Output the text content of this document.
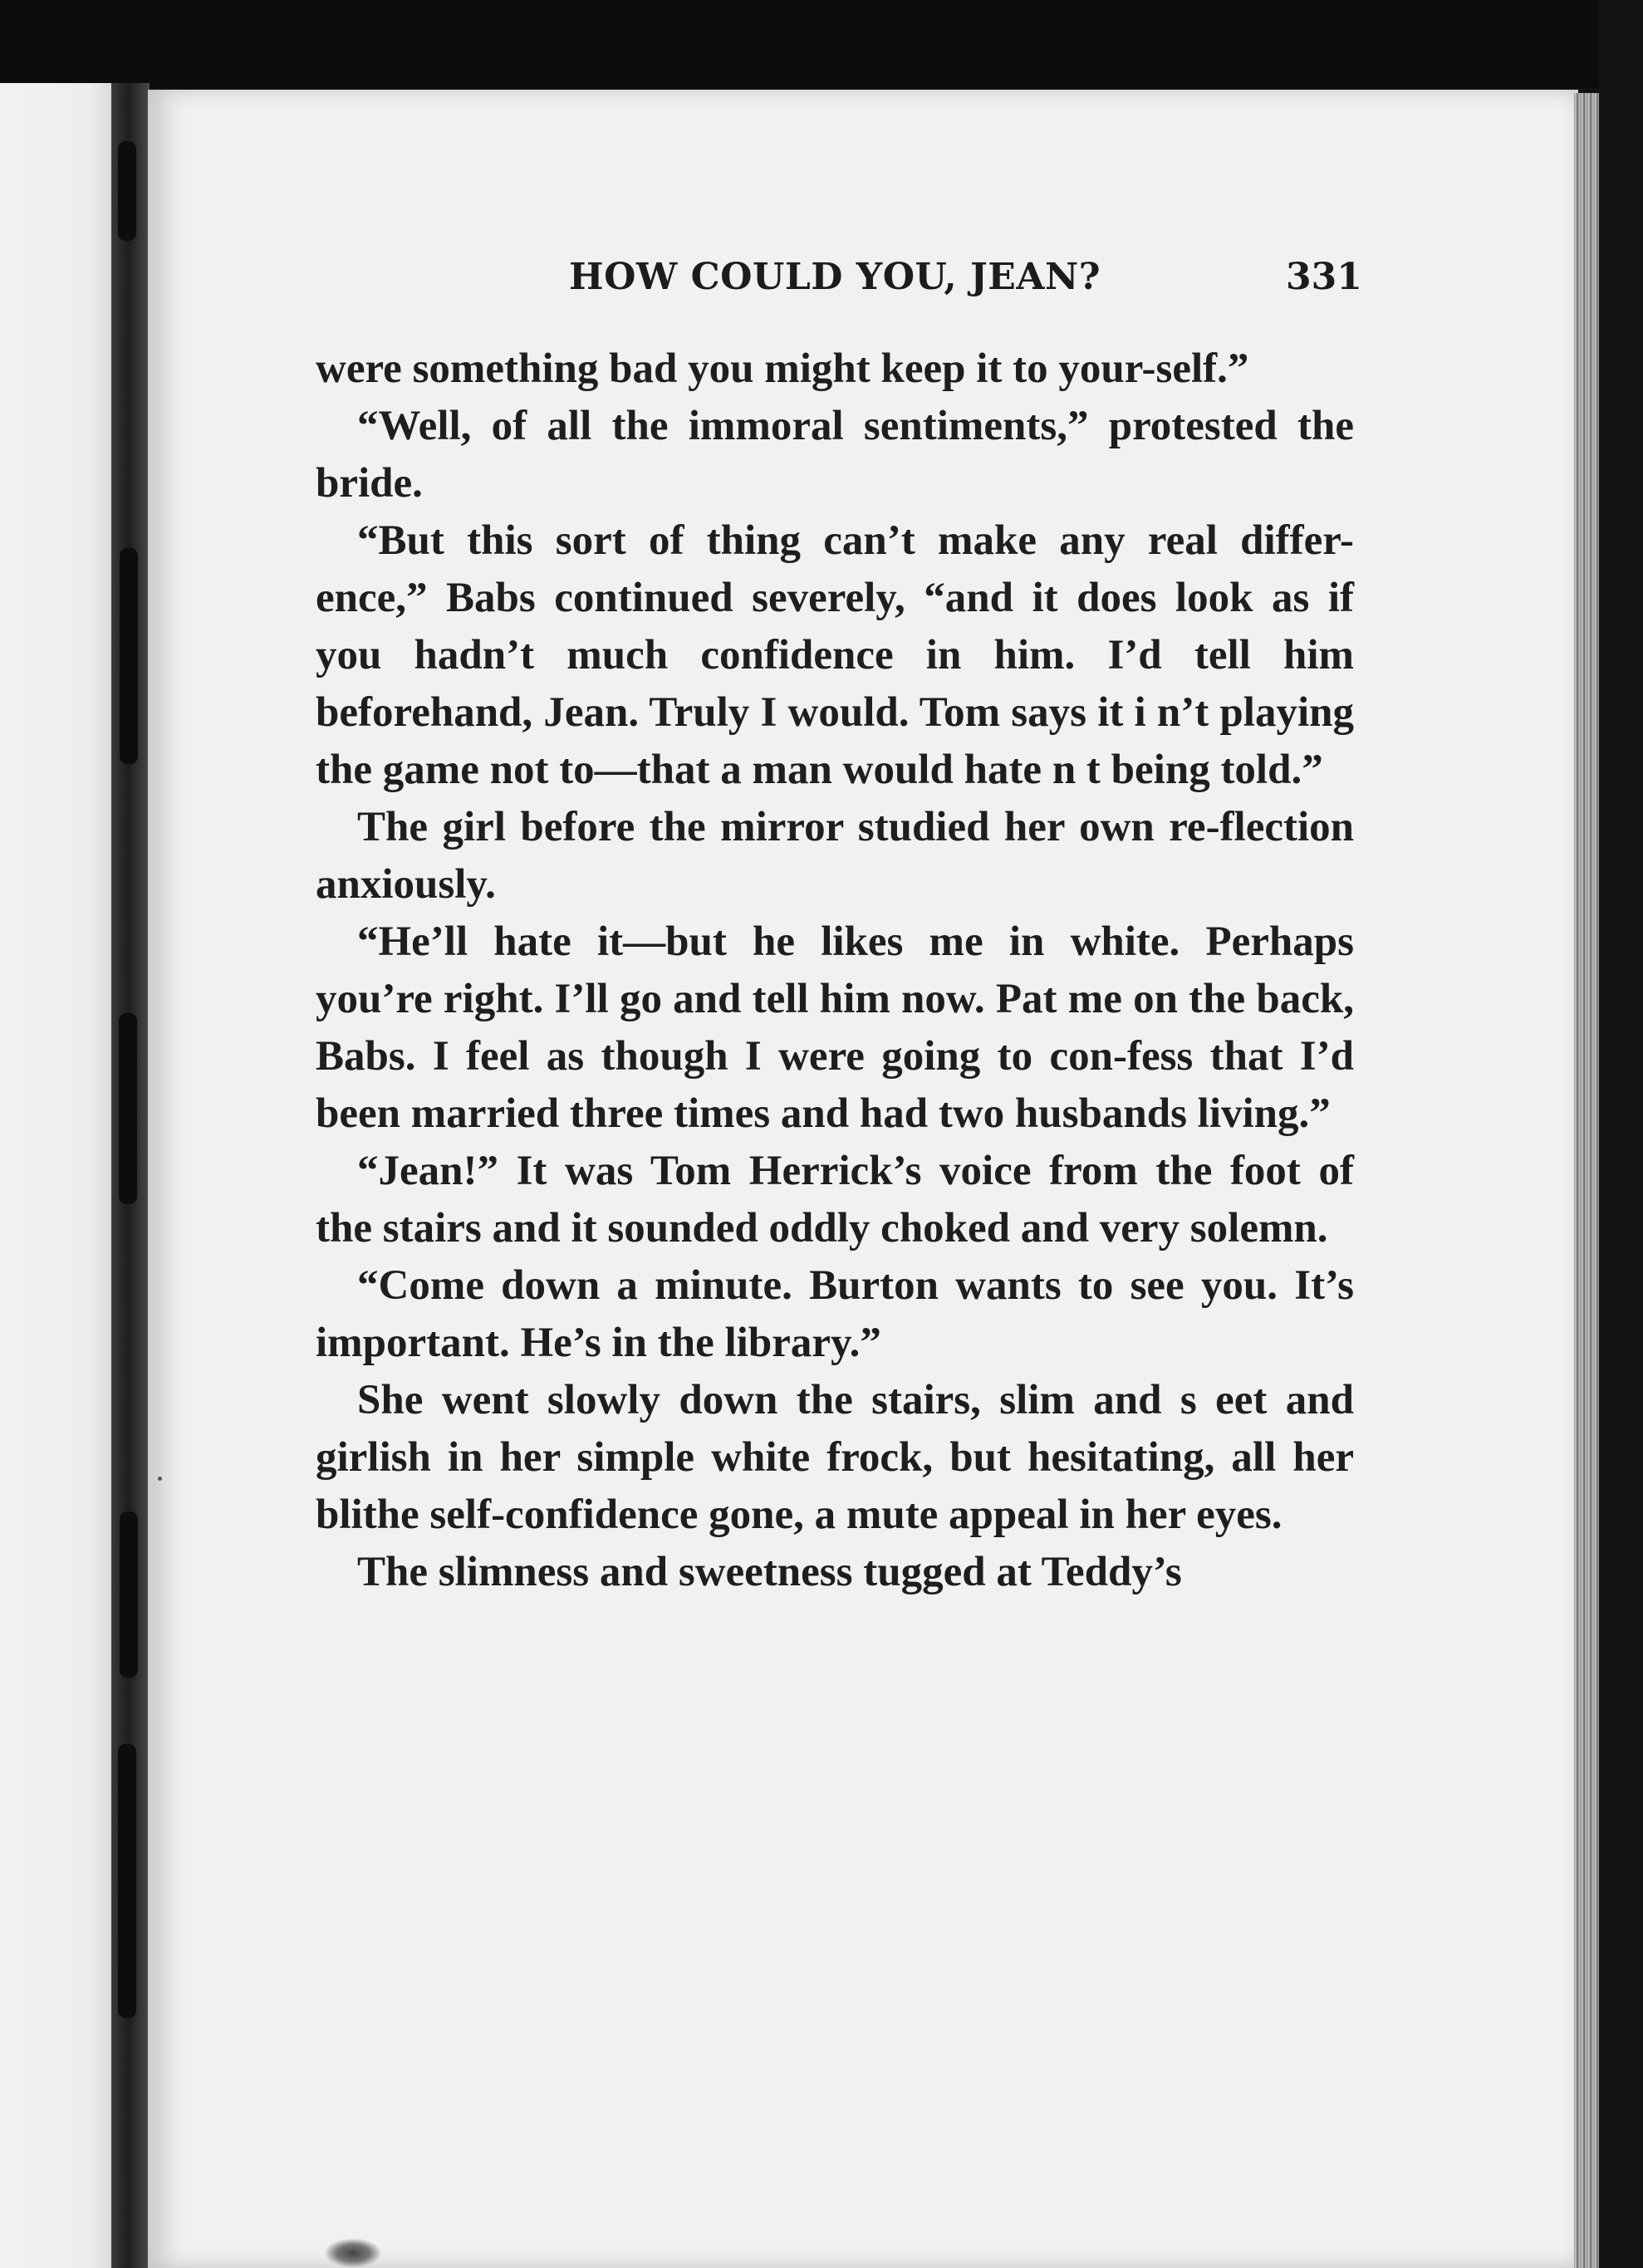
HOW COULD YOU, JEAN?	331

were something bad you might keep it to your-self.”

“Well, of all the immoral sentiments,” protested the bride.

“But this sort of thing can’t make any real differ-ence,” Babs continued severely, “and it does look as if you hadn’t much confidence in him. I’d tell him beforehand, Jean. Truly I would. Tom says it i n’t playing the game not to—that a man would hate n t being told.”

The girl before the mirror studied her own re-flection anxiously.

“He’ll hate it—but he likes me in white. Perhaps you’re right. I’ll go and tell him now. Pat me on the back, Babs. I feel as though I were going to con-fess that I’d been married three times and had two husbands living.”

“Jean!” It was Tom Herrick’s voice from the foot of the stairs and it sounded oddly choked and very solemn.

“Come down a minute. Burton wants to see you. It’s important. He’s in the library.”

She went slowly down the stairs, slim and s eet and girlish in her simple white frock, but hesitating, all her blithe self-confidence gone, a mute appeal in her eyes.

The slimness and sweetness tugged at Teddy’s
